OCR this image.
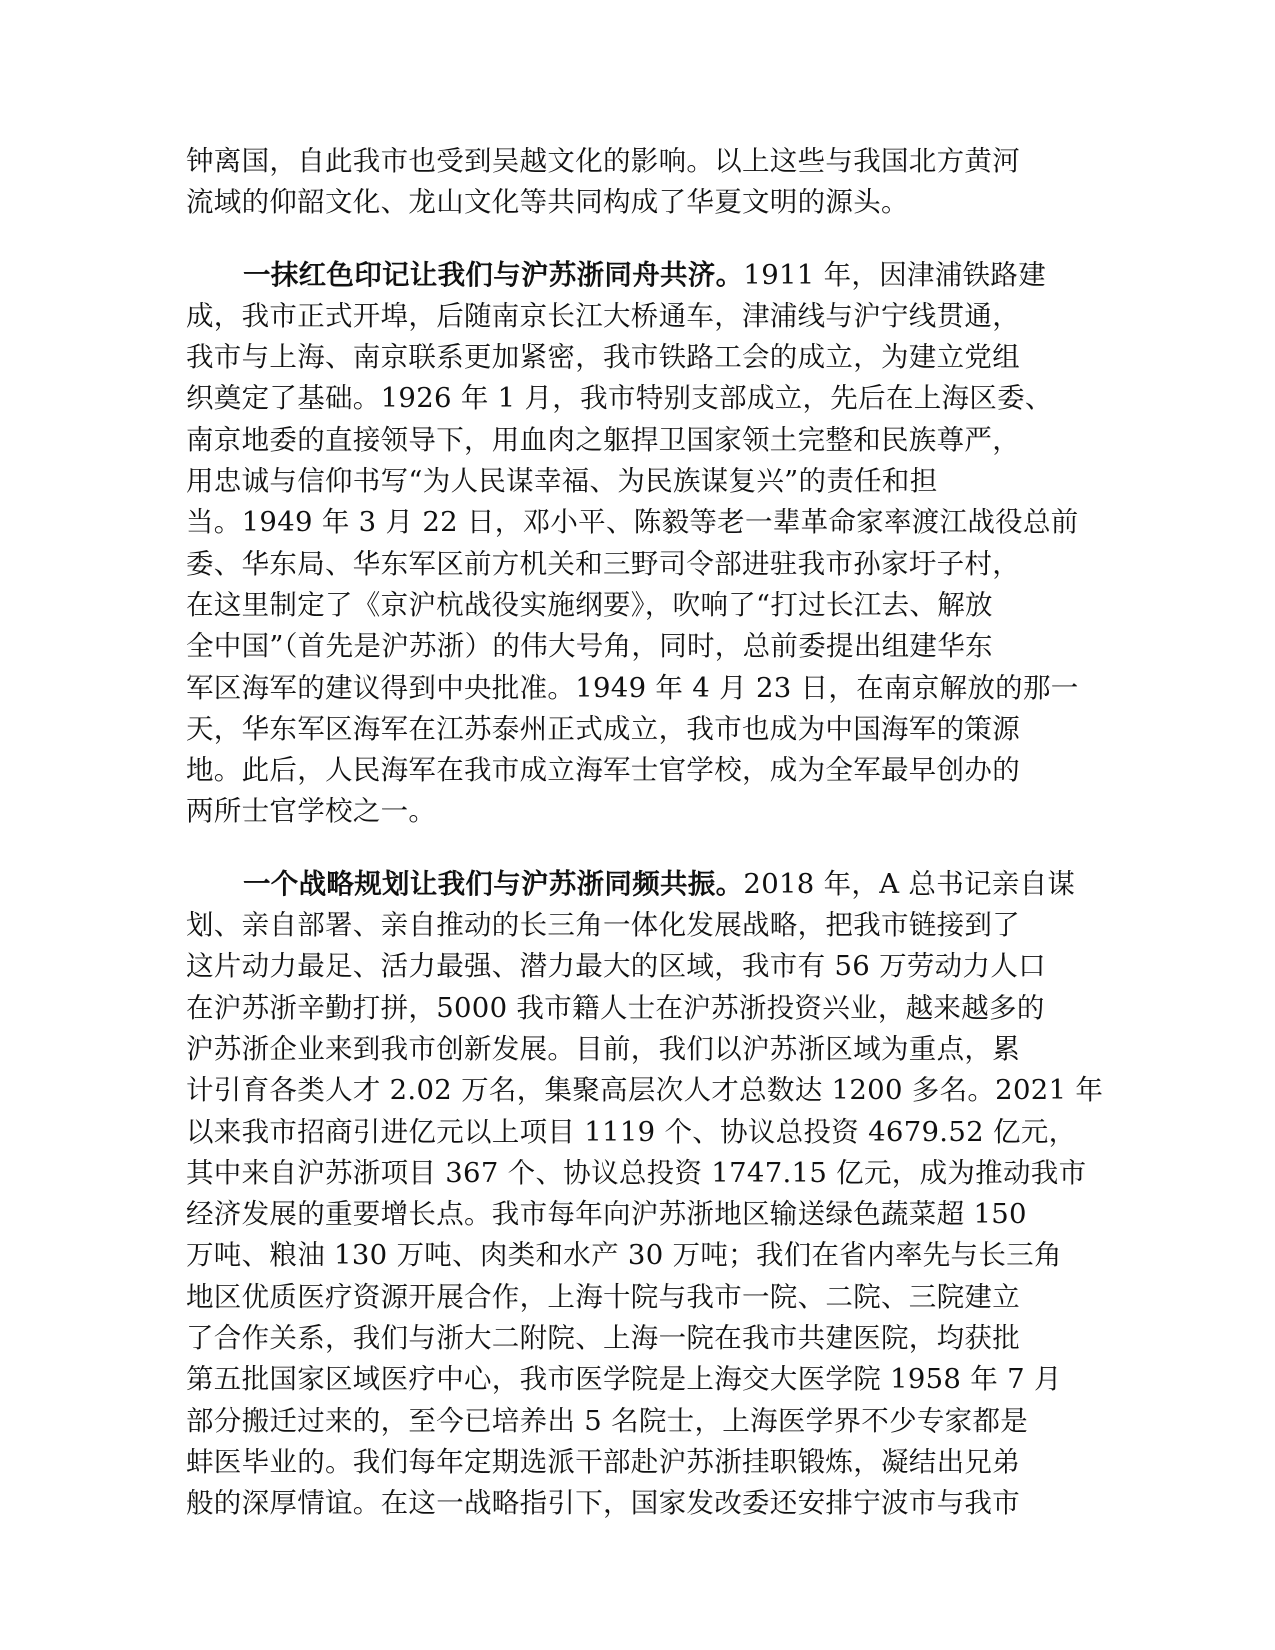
钟离国，自此我市也受到吴越文化的影响。以上这些与我国北方黄河
流域的仰韶文化、龙山文化等共同构成了华夏文明的源头。
一抹红色印记让我们与沪苏浙同舟共济。1911 年，因津浦铁路建
成，我市正式开埠，后随南京长江大桥通车，津浦线与沪宁线贯通，
我市与上海、南京联系更加紧密，我市铁路工会的成立，为建立党组
织奠定了基础。1926 年 1 月，我市特别支部成立，先后在上海区委、
南京地委的直接领导下，用血肉之躯捍卫国家领土完整和民族尊严，
用忠诚与信仰书写“为人民谋幸福、为民族谋复兴”的责任和担
当。1949 年 3 月 22 日，邓小平、陈毅等老一辈革命家率渡江战役总前
委、华东局、华东军区前方机关和三野司令部进驻我市孙家圩子村，
在这里制定了《京沪杭战役实施纲要》，吹响了“打过长江去、解放
全中国”（首先是沪苏浙）的伟大号角，同时，总前委提出组建华东
军区海军的建议得到中央批准。1949 年 4 月 23 日，在南京解放的那一
天，华东军区海军在江苏泰州正式成立，我市也成为中国海军的策源
地。此后，人民海军在我市成立海军士官学校，成为全军最早创办的
两所士官学校之一。
一个战略规划让我们与沪苏浙同频共振。2018 年，A 总书记亲自谋
划、亲自部署、亲自推动的长三角一体化发展战略，把我市链接到了
这片动力最足、活力最强、潜力最大的区域，我市有 56 万劳动力人口
在沪苏浙辛勤打拼，5000 我市籍人士在沪苏浙投资兴业，越来越多的
沪苏浙企业来到我市创新发展。目前，我们以沪苏浙区域为重点，累
计引育各类人才 2.02 万名，集聚高层次人才总数达 1200 多名。2021 年
以来我市招商引进亿元以上项目 1119 个、协议总投资 4679.52 亿元，
其中来自沪苏浙项目 367 个、协议总投资 1747.15 亿元，成为推动我市
经济发展的重要增长点。我市每年向沪苏浙地区输送绿色蔬菜超 150
万吨、粮油 130 万吨、肉类和水产 30 万吨；我们在省内率先与长三角
地区优质医疗资源开展合作，上海十院与我市一院、二院、三院建立
了合作关系，我们与浙大二附院、上海一院在我市共建医院，均获批
第五批国家区域医疗中心，我市医学院是上海交大医学院 1958 年 7 月
部分搬迁过来的，至今已培养出 5 名院士，上海医学界不少专家都是
蚌医毕业的。我们每年定期选派干部赴沪苏浙挂职锻炼，凝结出兄弟
般的深厚情谊。在这一战略指引下，国家发改委还安排宁波市与我市
